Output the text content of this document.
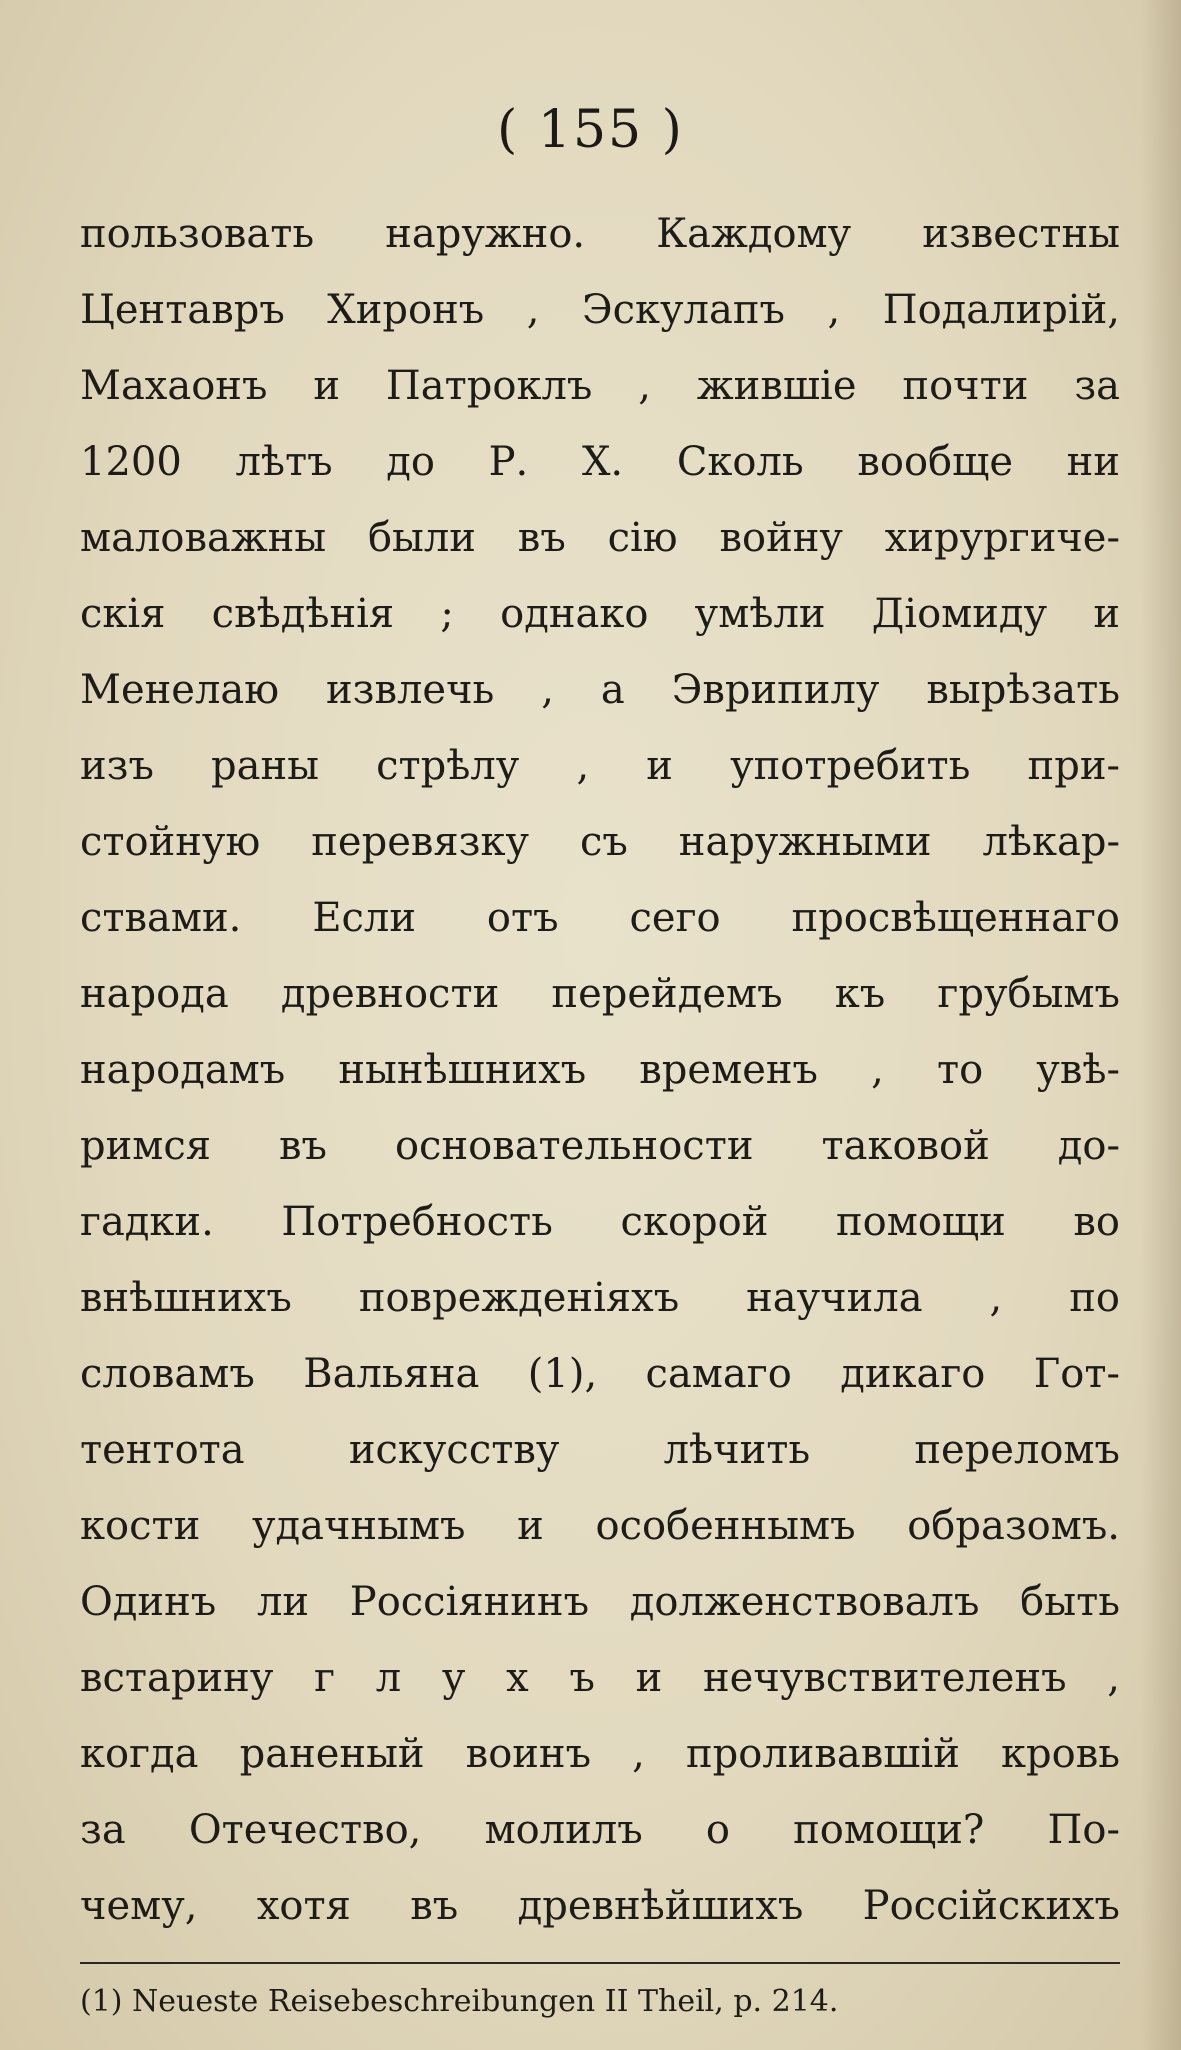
( 155 )
пользовать наружно. Каждому известны
Центавръ Хиронъ , Эскулапъ , Подалирій,
Махаонъ и Патроклъ , жившіе почти за
1200 лѣтъ до Р. Х. Сколь вообще ни
маловажны были въ сію войну хирургиче-
скія свѣдѣнія ; однако умѣли Діомиду и
Менелаю извлечь , а Эврипилу вырѣзать
изъ раны стрѣлу , и употребить при-
стойную перевязку съ наружными лѣкар-
ствами. Если отъ сего просвѣщеннаго
народа древности перейдемъ къ грубымъ
народамъ нынѣшнихъ временъ , то увѣ-
римся въ основательности таковой до-
гадки. Потребность скорой помощи во
внѣшнихъ поврежденіяхъ научила , по
словамъ Вальяна (1), самаго дикаго Гот-
тентота искусству лѣчить переломъ
кости удачнымъ и особеннымъ образомъ.
Одинъ ли Россіянинъ долженствовалъ быть
встарину г л у х ъ и нечувствителенъ ,
когда раненый воинъ , проливавшій кровь
за Отечество, молилъ о помощи? По-
чему, хотя въ древнѣйшихъ Россійскихъ
(1) Neueste Reisebeschreibungen II Theil, p. 214.
